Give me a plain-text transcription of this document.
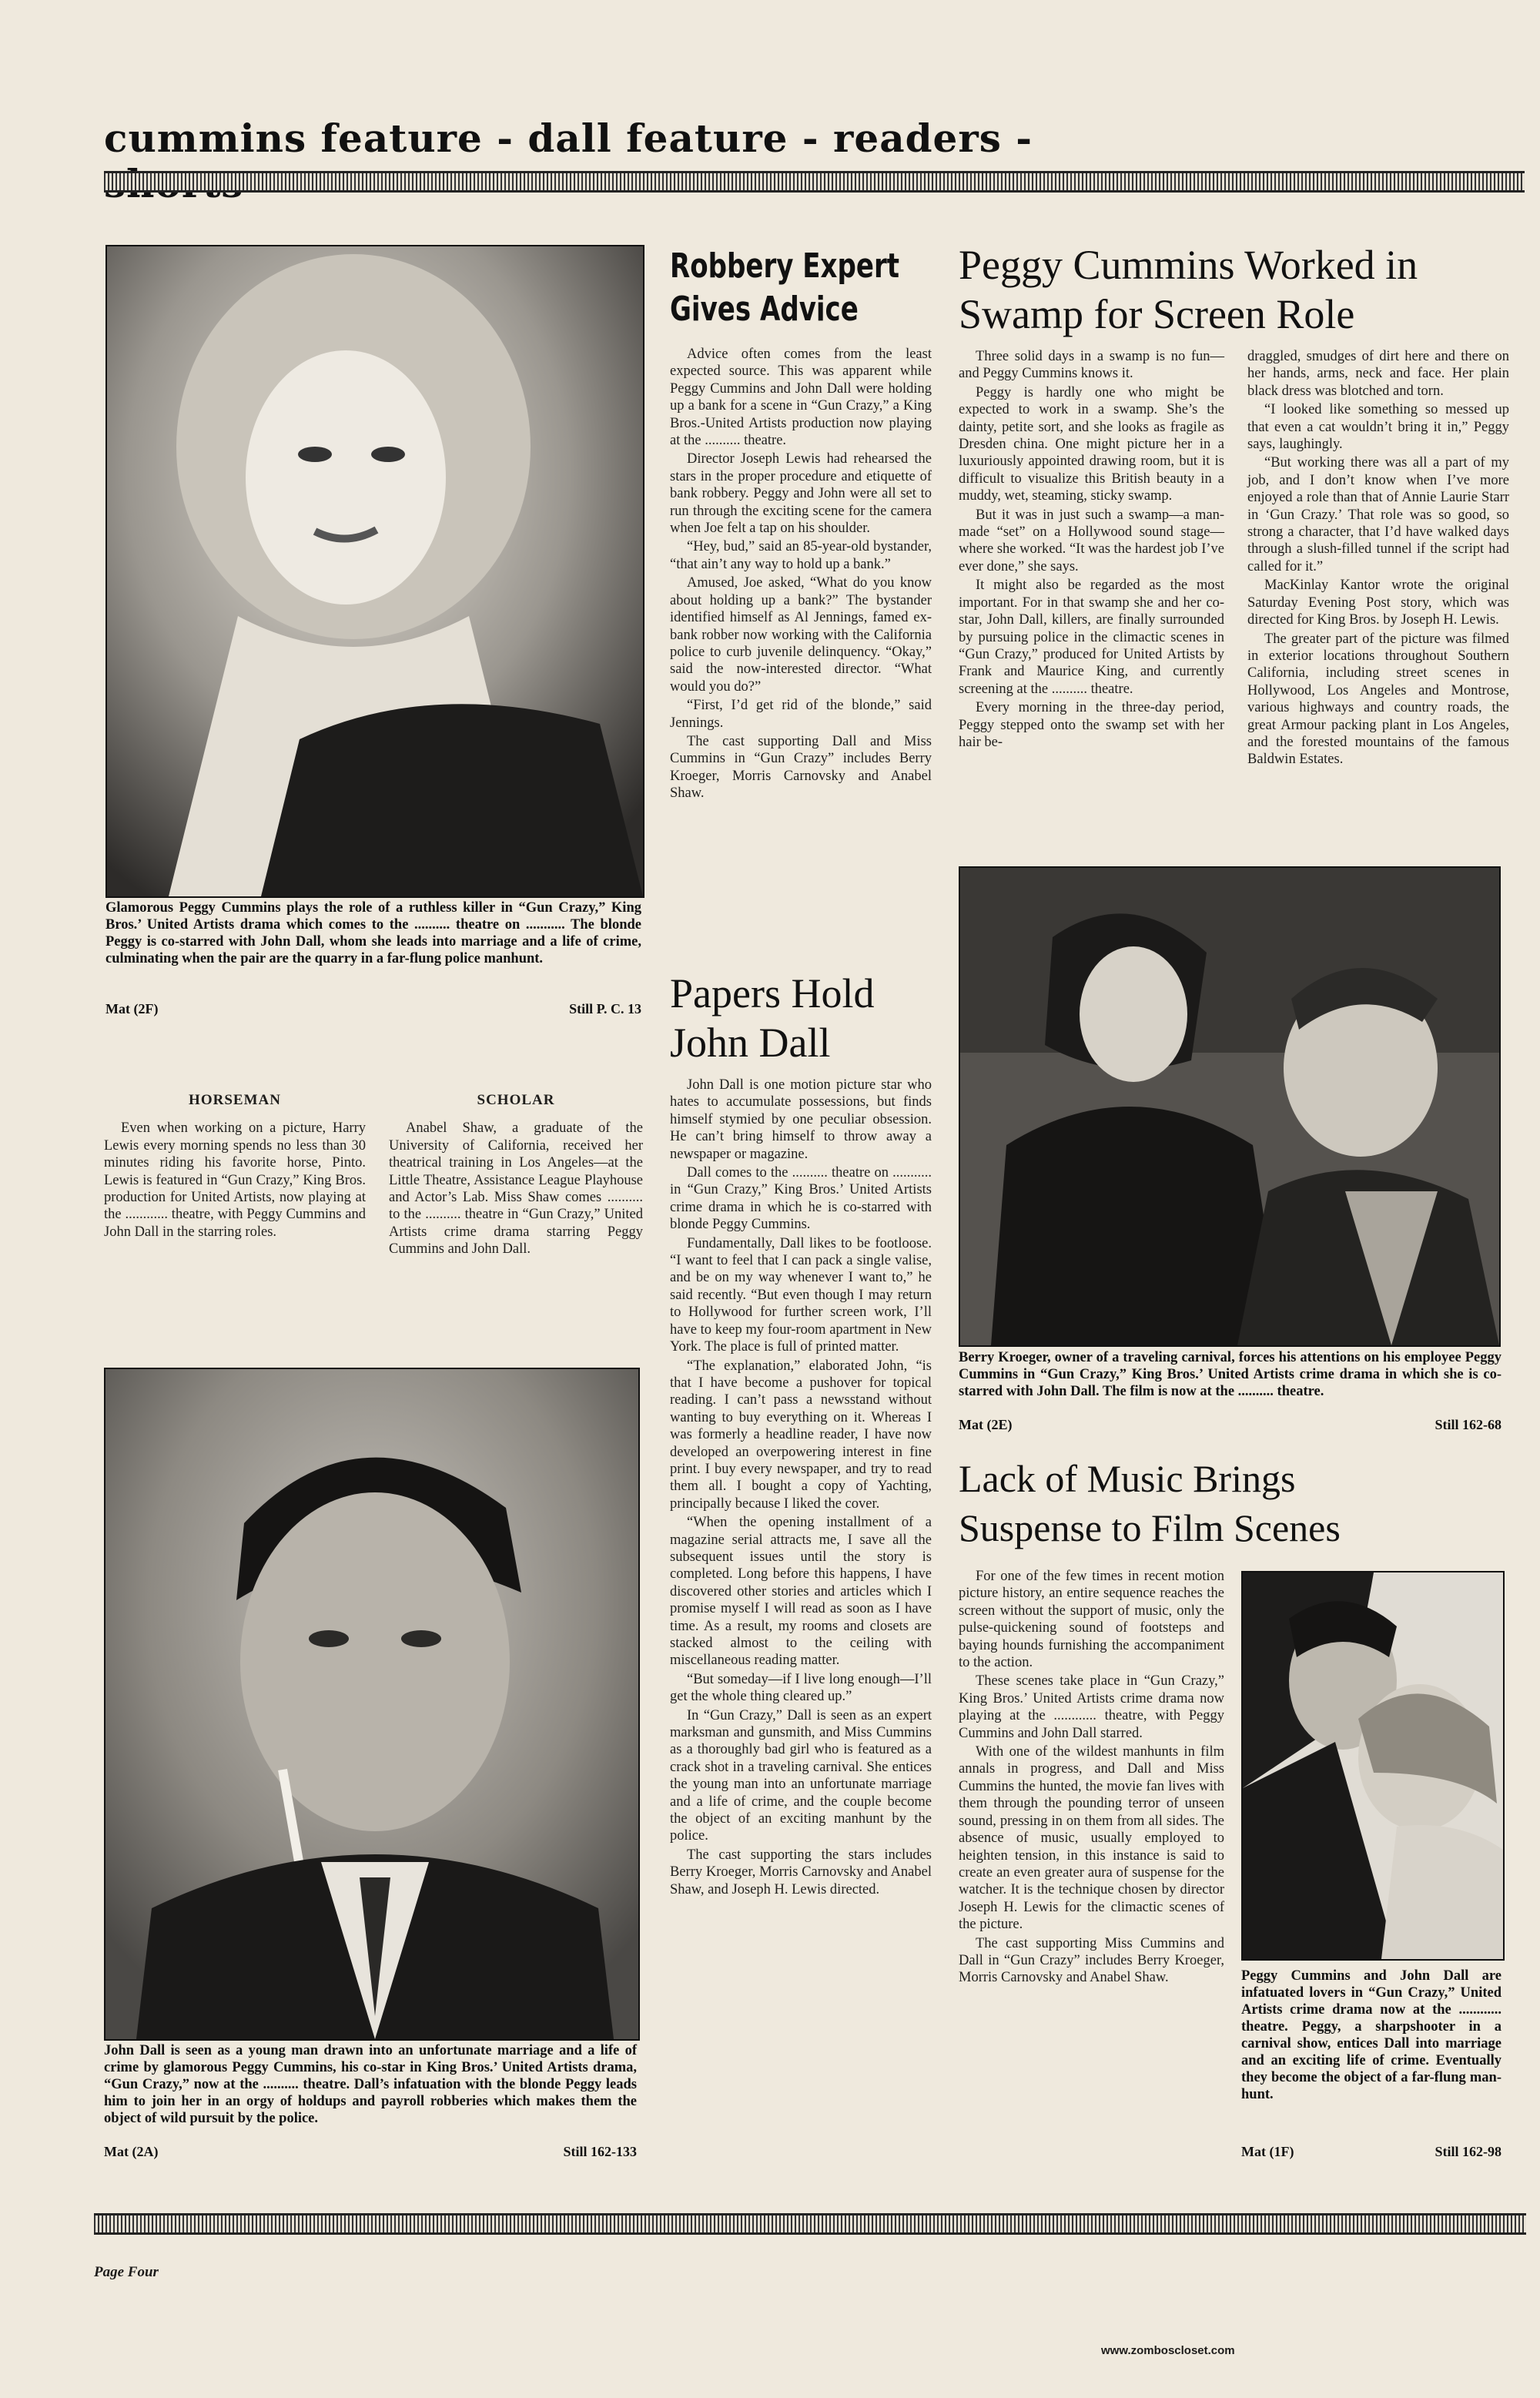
cummins feature - dall feature - readers -
Glamorous Peggy Cummins plays the role of a ruthless killer in “Gun Crazy,” King Bros.’ United Artists drama which comes to the .......... theatre on ........... The blonde Peggy is co-starred with John Dall, whom she leads into marriage and a life of crime, culminating when the pair are the quarry in a far-flung police manhunt.
Mat (2F)	Still P. C. 13
HORSEMAN

Even when working on a picture, Harry Lewis every morning spends no less than 30 minutes riding his favorite horse, Pinto. Lewis is featured in “Gun Crazy,” King Bros. production for United Artists, now playing at the ............ theatre, with Peggy Cummins and John Dall in the starring roles.

SCHOLAR

Anabel Shaw, a graduate of the University of California, received her theatrical training in Los Angeles—at the Little Theatre, Assistance League Playhouse and Actor’s Lab. Miss Shaw comes .......... to the .......... theatre in “Gun Crazy,” United Artists crime drama starring Peggy Cummins and John Dall.

John Dall is seen as a young man drawn into an unfortunate marriage and a life of crime by glamorous Peggy Cummins, his co-star in King Bros.’ United Artists drama, “Gun Crazy,” now at the .......... theatre. Dall’s infatuation with the blonde Peggy leads him to join her in an orgy of holdups and payroll robberies which makes them the object of wild pursuit by the police.
Mat (2A)	Still 162-133
Robbery Expert
Gives Advice

Advice often comes from the least expected source. This was apparent while Peggy Cummins and John Dall were holding up a bank for a scene in “Gun Crazy,” a King Bros.-United Artists production now playing at the .......... theatre.

Director Joseph Lewis had rehearsed the stars in the proper procedure and etiquette of bank robbery. Peggy and John were all set to run through the exciting scene for the camera when Joe felt a tap on his shoulder.

“Hey, bud,” said an 85-year-old bystander, “that ain’t any way to hold up a bank.”

Amused, Joe asked, “What do you know about holding up a bank?” The bystander identified himself as Al Jennings, famed ex-bank robber now working with the California police to curb juvenile delinquency. “Okay,” said the now-interested director. “What would you do?”

“First, I’d get rid of the blonde,” said Jennings.

The cast supporting Dall and Miss Cummins in “Gun Crazy” includes Berry Kroeger, Morris Carnovsky and Anabel Shaw.

Papers Hold
John Dall

John Dall is one motion picture star who hates to accumulate possessions, but finds himself stymied by one peculiar obsession. He can’t bring himself to throw away a newspaper or magazine.

Dall comes to the .......... theatre on ........... in “Gun Crazy,” King Bros.’ United Artists crime drama in which he is co-starred with blonde Peggy Cummins.

Fundamentally, Dall likes to be footloose. “I want to feel that I can pack a single valise, and be on my way whenever I want to,” he said recently. “But even though I may return to Hollywood for further screen work, I’ll have to keep my four-room apartment in New York. The place is full of printed matter.

“The explanation,” elaborated John, “is that I have become a pushover for topical reading. I can’t pass a newsstand without wanting to buy everything on it. Whereas I was formerly a headline reader, I have now developed an overpowering interest in fine print. I buy every newspaper, and try to read them all. I bought a copy of Yachting, principally because I liked the cover.

“When the opening installment of a magazine serial attracts me, I save all the subsequent issues until the story is completed. Long before this happens, I have discovered other stories and articles which I promise myself I will read as soon as I have time. As a result, my rooms and closets are stacked almost to the ceiling with miscellaneous reading matter.

“But someday—if I live long enough—I’ll get the whole thing cleared up.”

In “Gun Crazy,” Dall is seen as an expert marksman and gunsmith, and Miss Cummins as a thoroughly bad girl who is featured as a crack shot in a traveling carnival. She entices the young man into an unfortunate marriage and a life of crime, and the couple become the object of an exciting manhunt by the police.

The cast supporting the stars includes Berry Kroeger, Morris Carnovsky and Anabel Shaw, and Joseph H. Lewis directed.

Peggy Cummins Worked in
Swamp for Screen Role

Three solid days in a swamp is no fun—and Peggy Cummins knows it.

Peggy is hardly one who might be expected to work in a swamp. She’s the dainty, petite sort, and she looks as fragile as Dresden china. One might picture her in a luxuriously appointed drawing room, but it is difficult to visualize this British beauty in a muddy, wet, steaming, sticky swamp.

But it was in just such a swamp—a man-made “set” on a Hollywood sound stage—where she worked. “It was the hardest job I’ve ever done,” she says.

It might also be regarded as the most important. For in that swamp she and her co-star, John Dall, killers, are finally surrounded by pursuing police in the climactic scenes in “Gun Crazy,” produced for United Artists by Frank and Maurice King, and currently screening at the .......... theatre.

Every morning in the three-day period, Peggy stepped onto the swamp set with her hair be-

draggled, smudges of dirt here and there on her hands, arms, neck and face. Her plain black dress was blotched and torn.

“I looked like something so messed up that even a cat wouldn’t bring it in,” Peggy says, laughingly.

“But working there was all a part of my job, and I don’t know when I’ve more enjoyed a role than that of Annie Laurie Starr in ‘Gun Crazy.’ That role was so good, so strong a character, that I’d have walked days through a slush-filled tunnel if the script had called for it.”

MacKinlay Kantor wrote the original Saturday Evening Post story, which was directed for King Bros. by Joseph H. Lewis.

The greater part of the picture was filmed in exterior locations throughout Southern California, including street scenes in Hollywood, Los Angeles and Montrose, various highways and country roads, the great Armour packing plant in Los Angeles, and the forested mountains of the famous Baldwin Estates.

Berry Kroeger, owner of a traveling carnival, forces his attentions on his employee Peggy Cummins in “Gun Crazy,” King Bros.’ United Artists crime drama in which she is co-starred with John Dall. The film is now at the .......... theatre.
Mat (2E)	Still 162-68
Lack of Music Brings
Suspense to Film Scenes

For one of the few times in recent motion picture history, an entire sequence reaches the screen without the support of music, only the pulse-quickening sound of footsteps and baying hounds furnishing the accompaniment to the action.

These scenes take place in “Gun Crazy,” King Bros.’ United Artists crime drama now playing at the ............ theatre, with Peggy Cummins and John Dall starred.

With one of the wildest manhunts in film annals in progress, and Dall and Miss Cummins the hunted, the movie fan lives with them through the pounding terror of unseen sound, pressing in on them from all sides. The absence of music, usually employed to heighten tension, in this instance is said to create an even greater aura of suspense for the watcher. It is the technique chosen by director Joseph H. Lewis for the climactic scenes of the picture.

The cast supporting Miss Cummins and Dall in “Gun Crazy” includes Berry Kroeger, Morris Carnovsky and Anabel Shaw.	Peggy Cummins and John Dall are infatuated lovers in “Gun Crazy,” United Artists crime drama now at the ............ theatre. Peggy, a sharpshooter in a carnival show, entices Dall into marriage and an exciting life of crime. Eventually they become the object of a far-flung man-hunt.
Mat (1F)	Still 162-98
Page Four
www.zomboscloset.com
